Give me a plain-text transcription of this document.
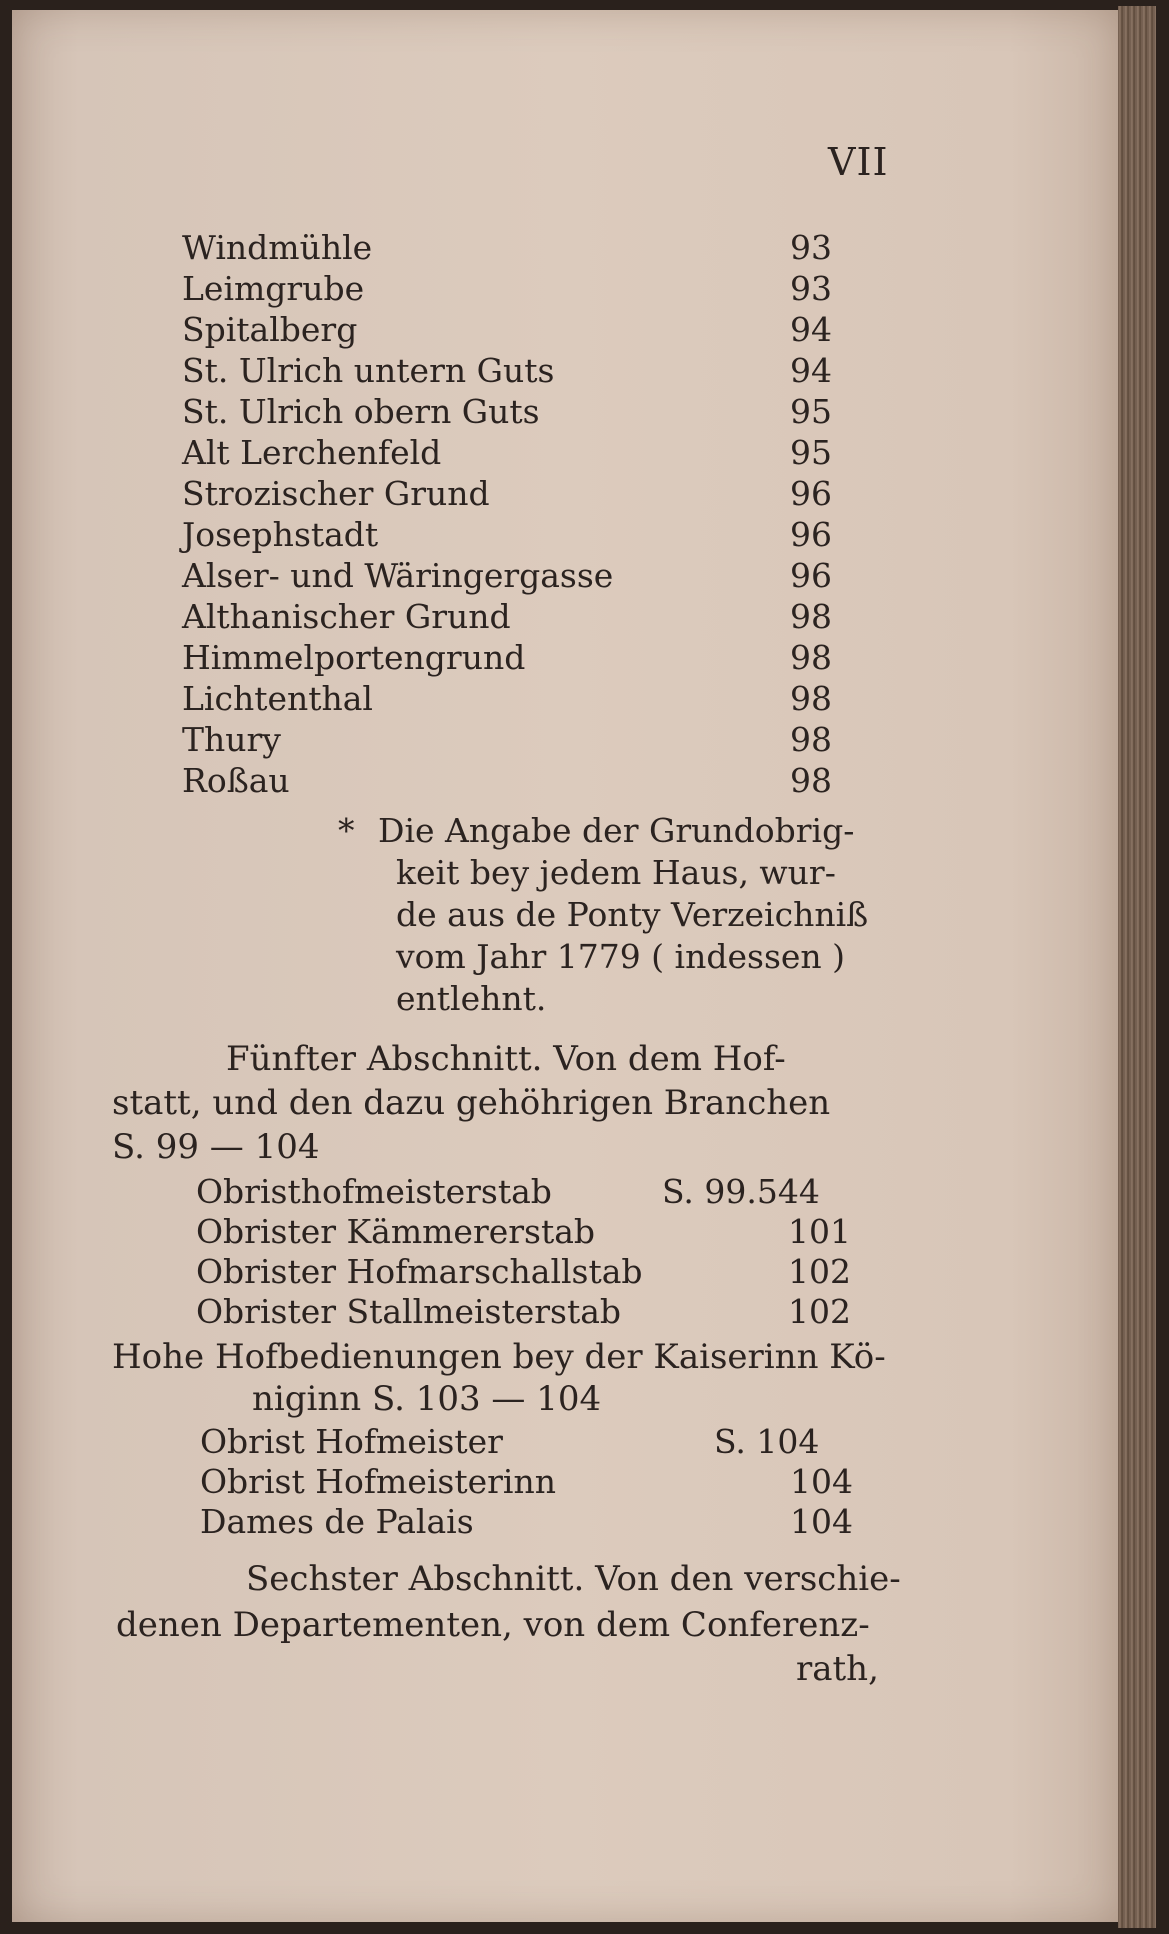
VII
Windmühle	93
Leimgrube	93
Spitalberg	94
St. Ulrich untern Guts	94
St. Ulrich obern Guts	95
Alt Lerchenfeld	95
Strozischer Grund	96
Josephstadt	96
Alser- und Wäringergasse	96
Althanischer Grund	98
Himmelportengrund	98
Lichtenthal	98
Thury	98
Roßau	98
* Die Angabe der Grundobrig-
keit bey jedem Haus, wur-
de aus de Ponty Verzeichniß
vom Jahr 1779 ( indessen )
entlehnt.
Fünfter Abschnitt. Von dem Hof-
statt, und den dazu gehöhrigen Branchen
S. 99 — 104
Obristhofmeisterstab	S. 99.544
Obrister Kämmererstab	101
Obrister Hofmarschallstab	102
Obrister Stallmeisterstab	102
Hohe Hofbedienungen bey der Kaiserinn Kö-
niginn S. 103 — 104
Obrist Hofmeister	S. 104
Obrist Hofmeisterinn	104
Dames de Palais	104
Sechster Abschnitt. Von den verschie-
denen Departementen, von dem Conferenz-
rath,
